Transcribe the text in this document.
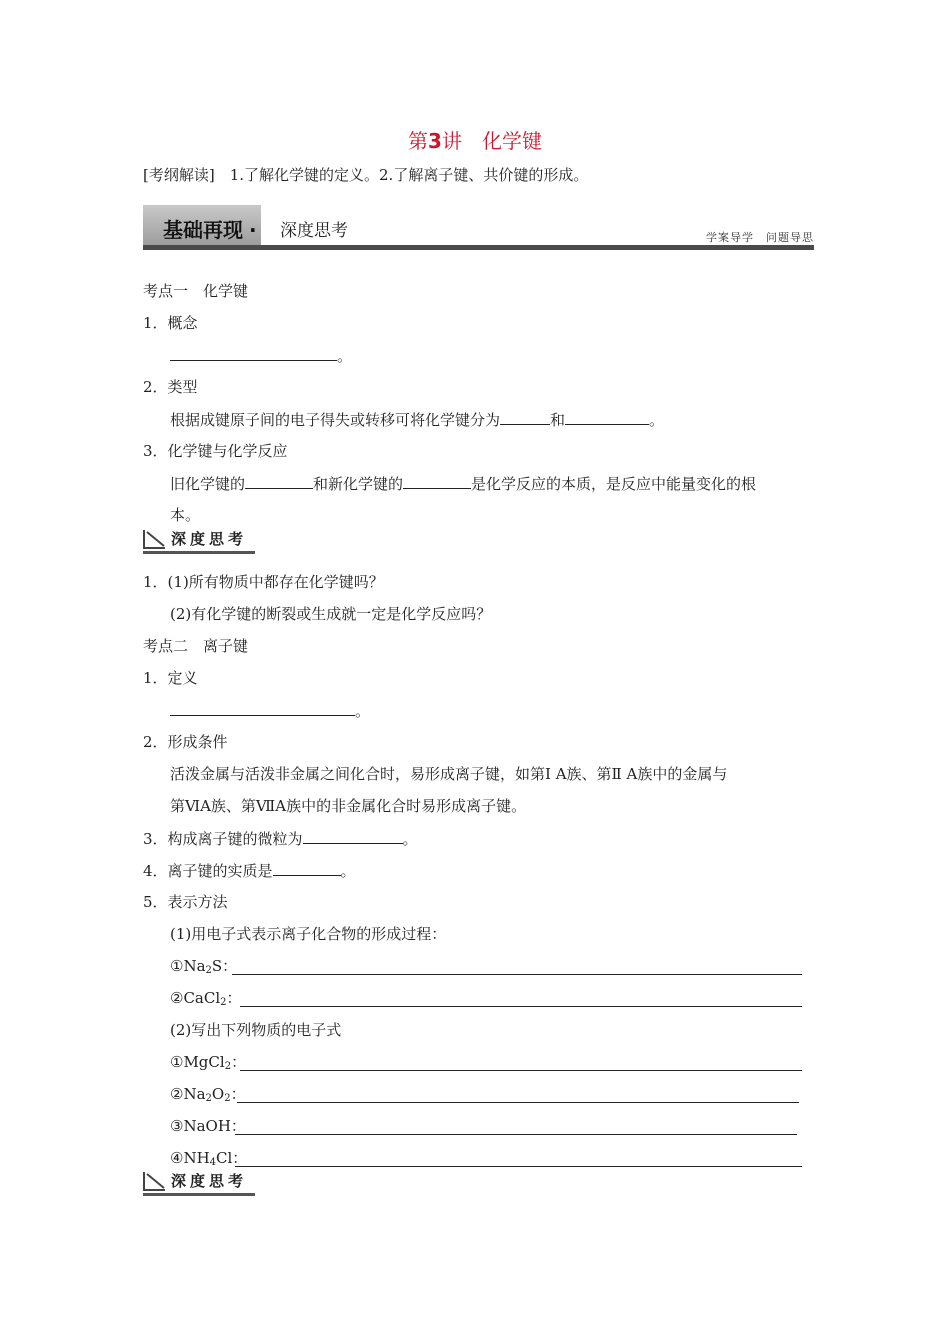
第3讲　化学键
[考纲解读]　1.了解化学键的定义。2.了解离子键、共价键的形成。
基础再现 ·	深度思考	学案导学　问题导思
考点一　化学键
1．概念
。
2．类型
根据成键原子间的电子得失或转移可将化学键分为	和	。
3．化学键与化学反应
旧化学键的	和新化学键的	是化学反应的本质，是反应中能量变化的根
本。
深度思考
1．(1)所有物质中都存在化学键吗？
(2)有化学键的断裂或生成就一定是化学反应吗？
考点二　离子键
1．定义
。
2．形成条件
活泼金属与活泼非金属之间化合时，易形成离子键，如第Ⅰ A族、第Ⅱ A族中的金属与
第ⅥA族、第ⅦA族中的非金属化合时易形成离子键。
3．构成离子键的微粒为	。
4．离子键的实质是	。
5．表示方法
(1)用电子式表示离子化合物的形成过程：
$①Na_2S$：
②CaCl$_2$：
(2)写出下列物质的电子式
①MgCl$_2$：
$②Na_2O_2$：
③NaOH：
$④NH_4Cl$：
深度思考
